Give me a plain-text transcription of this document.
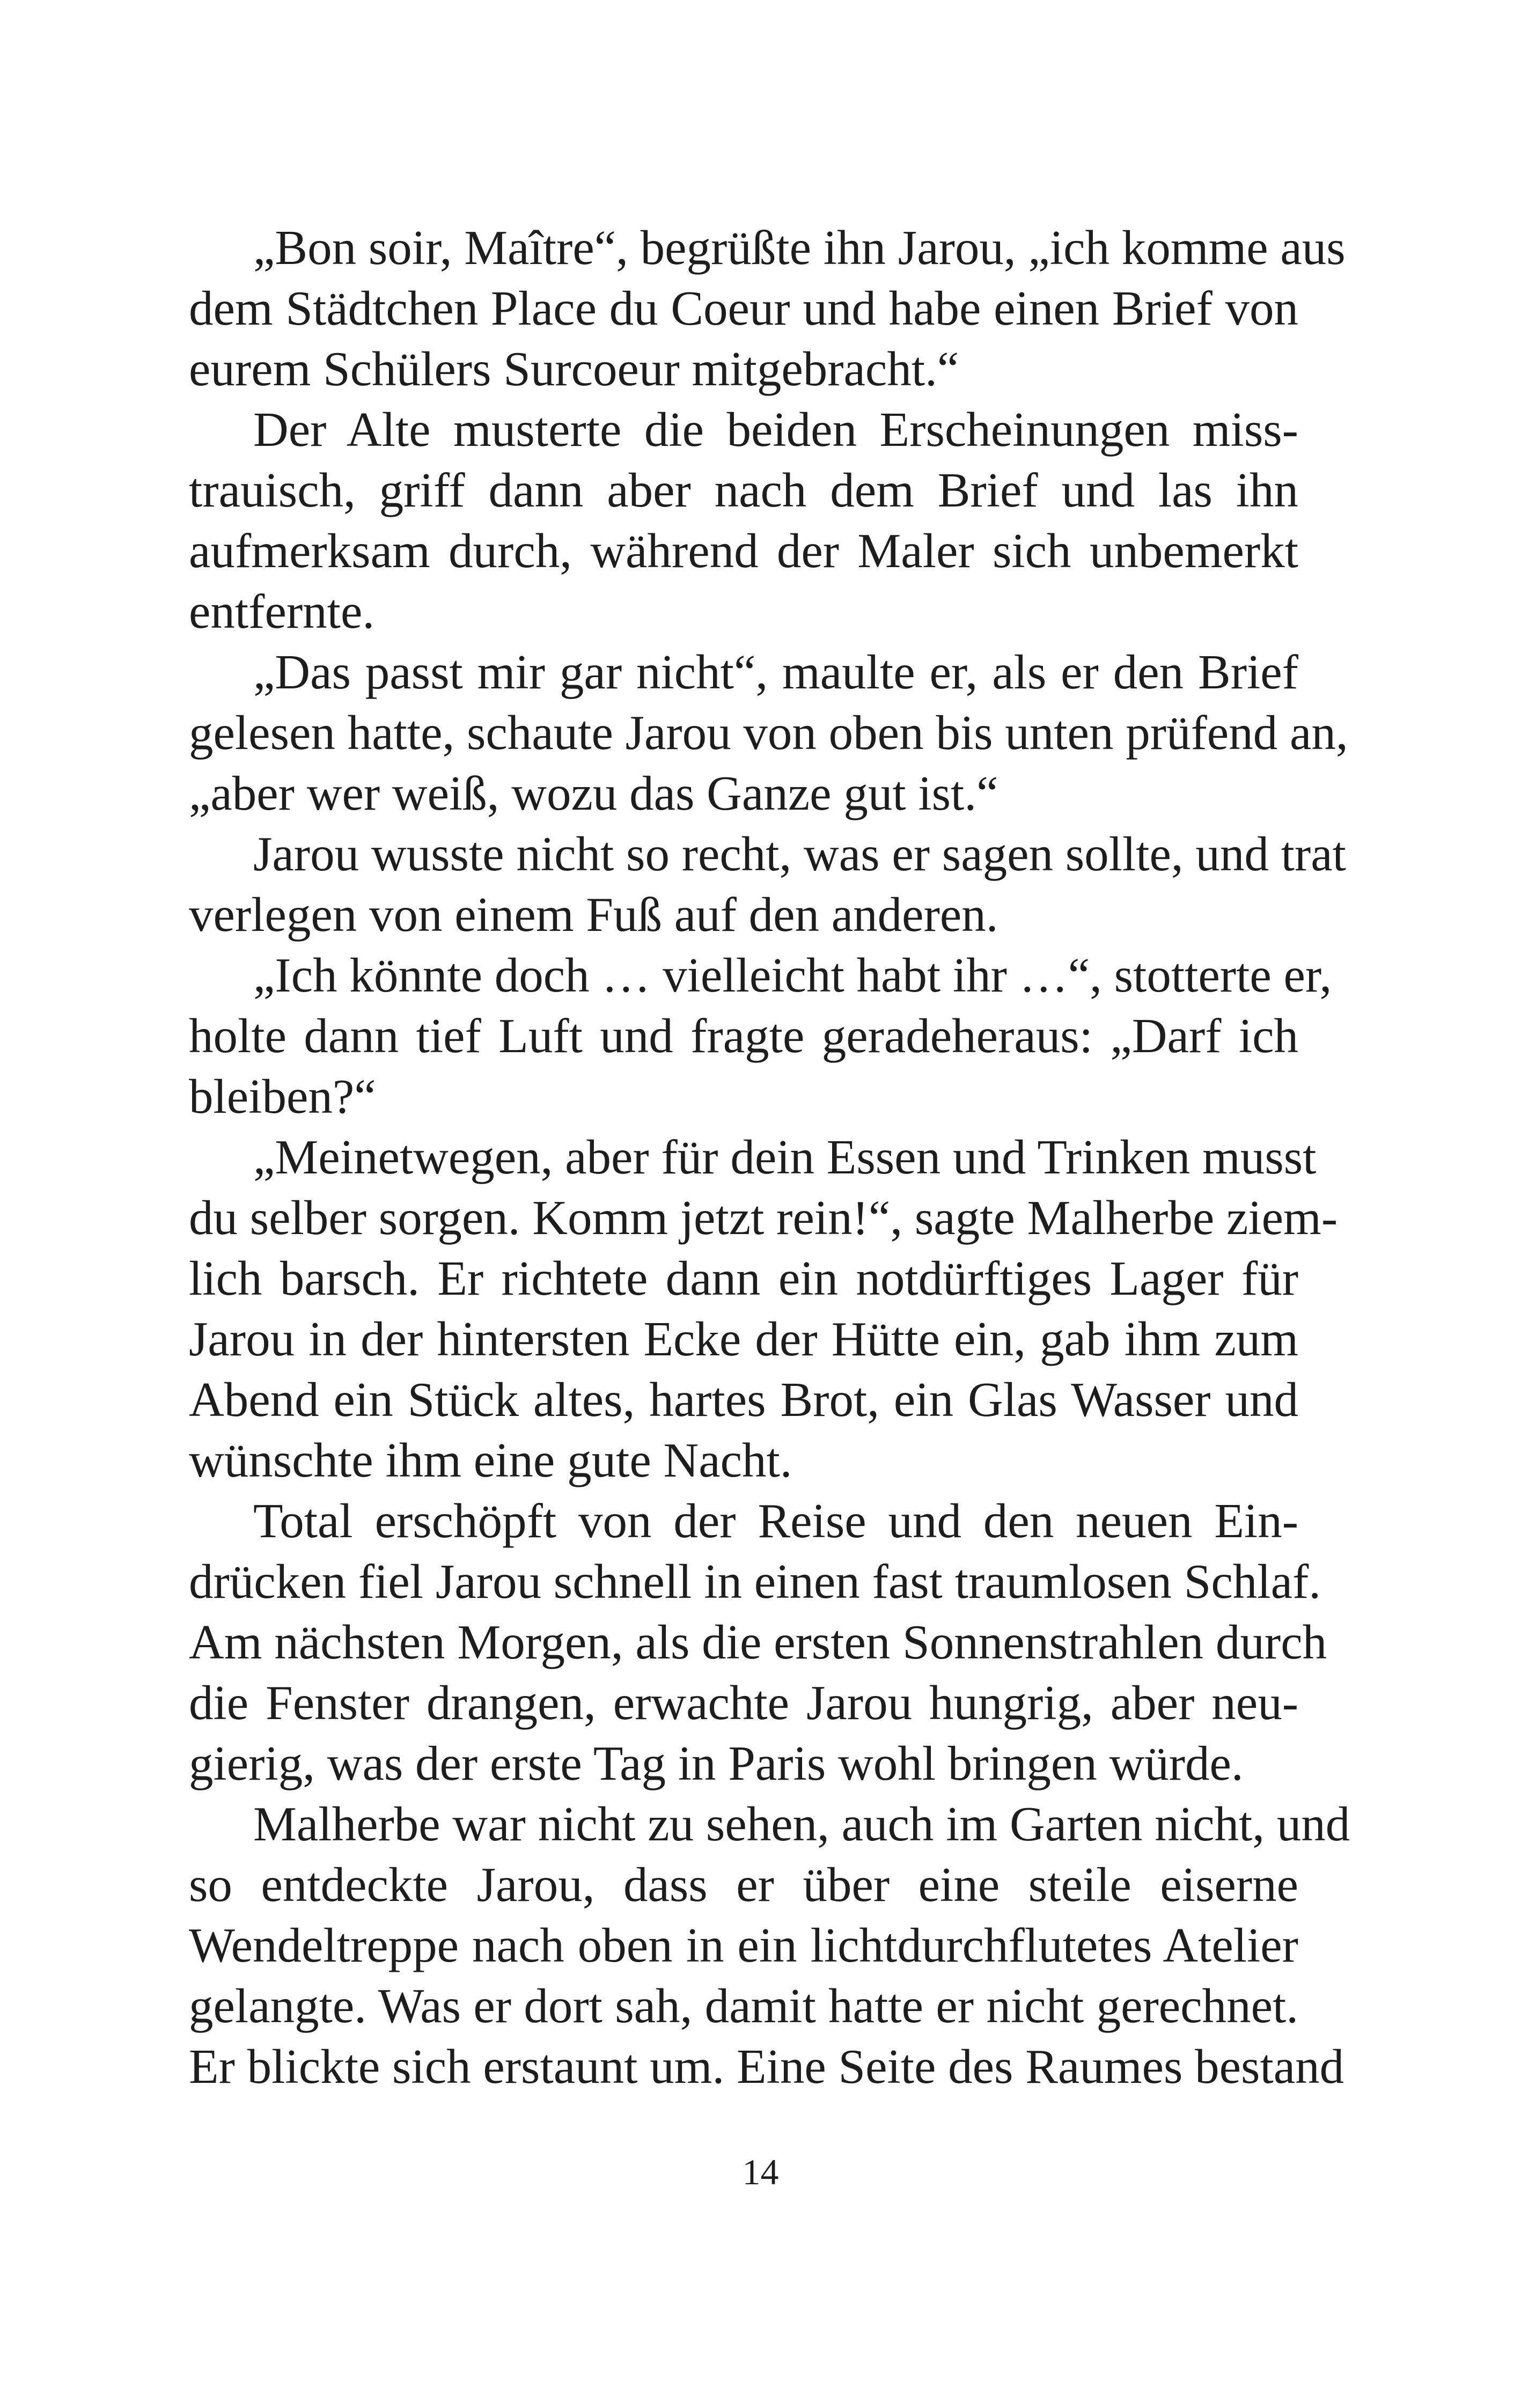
„Bon soir, Maître“, begrüßte ihn Jarou, „ich komme aus
dem Städtchen Place du Coeur und habe einen Brief von
eurem Schülers Surcoeur mitgebracht.“
Der Alte musterte die beiden Erscheinungen miss-
trauisch, griff dann aber nach dem Brief und las ihn
aufmerksam durch, während der Maler sich unbemerkt
entfernte.
„Das passt mir gar nicht“, maulte er, als er den Brief
gelesen hatte, schaute Jarou von oben bis unten prüfend an,
„aber wer weiß, wozu das Ganze gut ist.“
Jarou wusste nicht so recht, was er sagen sollte, und trat
verlegen von einem Fuß auf den anderen.
„Ich könnte doch … vielleicht habt ihr …“, stotterte er,
holte dann tief Luft und fragte geradeheraus: „Darf ich
bleiben?“
„Meinetwegen, aber für dein Essen und Trinken musst
du selber sorgen. Komm jetzt rein!“, sagte Malherbe ziem-
lich barsch. Er richtete dann ein notdürftiges Lager für
Jarou in der hintersten Ecke der Hütte ein, gab ihm zum
Abend ein Stück altes, hartes Brot, ein Glas Wasser und
wünschte ihm eine gute Nacht.
Total erschöpft von der Reise und den neuen Ein-
drücken fiel Jarou schnell in einen fast traumlosen Schlaf.
Am nächsten Morgen, als die ersten Sonnenstrahlen durch
die Fenster drangen, erwachte Jarou hungrig, aber neu-
gierig, was der erste Tag in Paris wohl bringen würde.
Malherbe war nicht zu sehen, auch im Garten nicht, und
so entdeckte Jarou, dass er über eine steile eiserne
Wendeltreppe nach oben in ein lichtdurchflutetes Atelier
gelangte. Was er dort sah, damit hatte er nicht gerechnet.
Er blickte sich erstaunt um. Eine Seite des Raumes bestand
14
